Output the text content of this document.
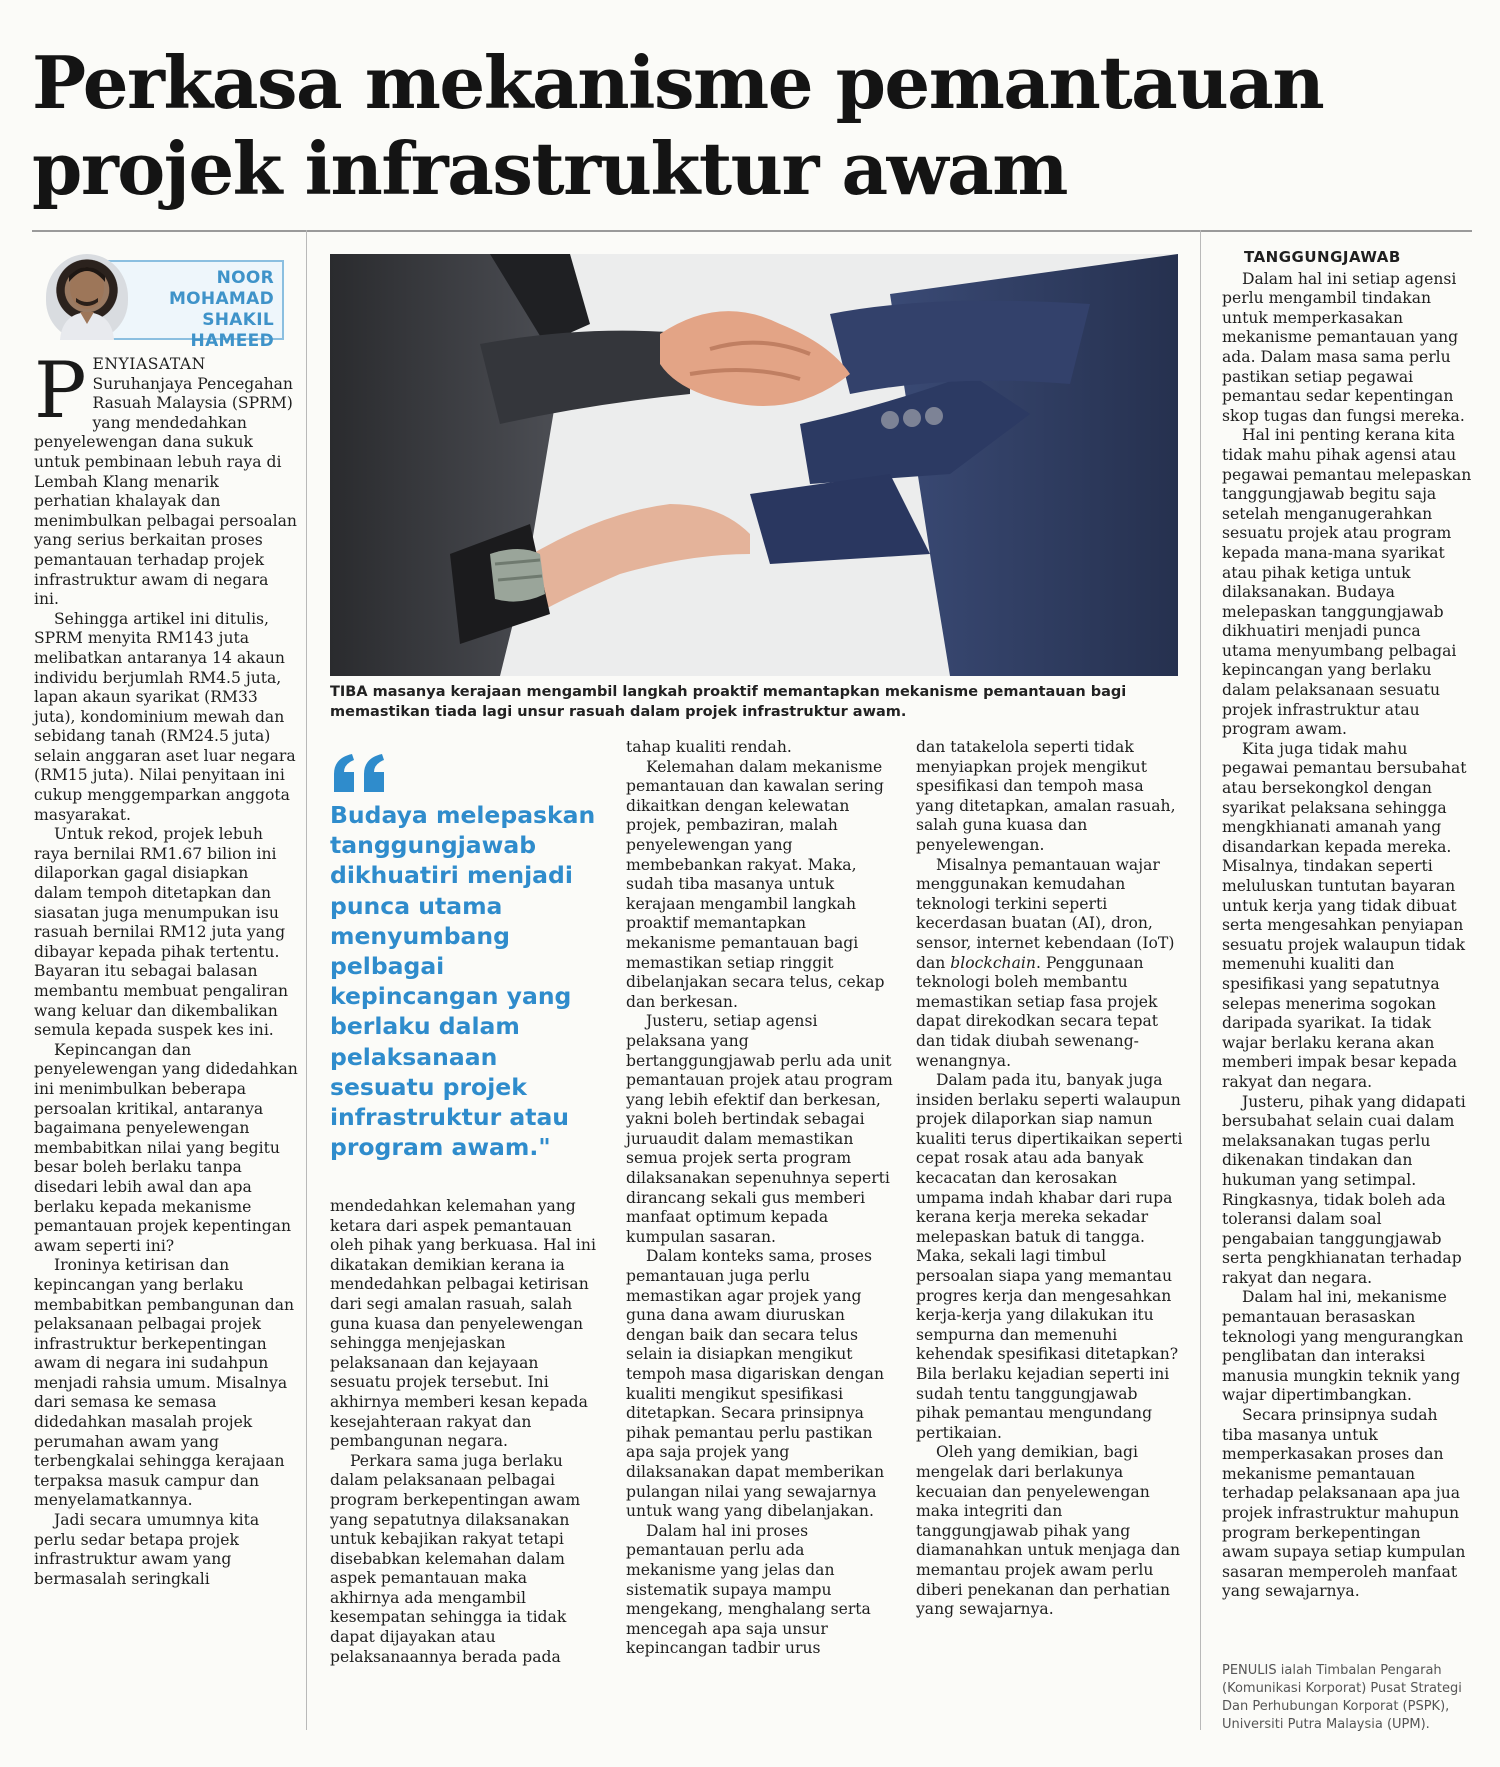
Perkasa mekanisme pemantauan
projek infrastruktur awam
NOOR
MOHAMAD
SHAKIL HAMEED

PENYIASATAN Suruhanjaya Pencegahan Rasuah Malaysia (SPRM) yang mendedahkan penyelewengan dana sukuk untuk pembinaan lebuh raya di Lembah Klang menarik perhatian khalayak dan menimbulkan pelbagai persoalan yang serius berkaitan proses pemantauan terhadap projek infrastruktur awam di negara ini.

Sehingga artikel ini ditulis, SPRM menyita RM143 juta melibatkan antaranya 14 akaun individu berjumlah RM4.5 juta, lapan akaun syarikat (RM33 juta), kondominium mewah dan sebidang tanah (RM24.5 juta) selain anggaran aset luar negara (RM15 juta). Nilai penyitaan ini cukup menggemparkan anggota masyarakat.

Untuk rekod, projek lebuh raya bernilai RM1.67 bilion ini dilaporkan gagal disiapkan dalam tempoh ditetapkan dan siasatan juga menumpukan isu rasuah bernilai RM12 juta yang dibayar kepada pihak tertentu. Bayaran itu sebagai balasan membantu membuat pengaliran wang keluar dan dikembalikan semula kepada suspek kes ini.

Kepincangan dan penyelewengan yang didedahkan ini menimbulkan beberapa persoalan kritikal, antaranya bagaimana penyelewengan membabitkan nilai yang begitu besar boleh berlaku tanpa disedari lebih awal dan apa berlaku kepada mekanisme pemantauan projek kepentingan awam seperti ini?

Ironinya ketirisan dan kepincangan yang berlaku membabitkan pembangunan dan pelaksanaan pelbagai projek infrastruktur berkepentingan awam di negara ini sudahpun menjadi rahsia umum. Misalnya dari semasa ke semasa didedahkan masalah projek perumahan awam yang terbengkalai sehingga kerajaan terpaksa masuk campur dan menyelamatkannya.

Jadi secara umumnya kita perlu sedar betapa projek infrastruktur awam yang bermasalah seringkali

TIBA masanya kerajaan mengambil langkah proaktif memantapkan mekanisme pemantauan bagi memastikan tiada lagi unsur rasuah dalam projek infrastruktur awam.
Budaya melepaskan tanggungjawab dikhuatiri menjadi punca utama menyumbang pelbagai kepincangan yang berlaku dalam pelaksanaan sesuatu projek infrastruktur atau program awam."

mendedahkan kelemahan yang ketara dari aspek pemantauan oleh pihak yang berkuasa. Hal ini dikatakan demikian kerana ia mendedahkan pelbagai ketirisan dari segi amalan rasuah, salah guna kuasa dan penyelewengan sehingga menjejaskan pelaksanaan dan kejayaan sesuatu projek tersebut. Ini akhirnya memberi kesan kepada kesejahteraan rakyat dan pembangunan negara.

Perkara sama juga berlaku dalam pelaksanaan pelbagai program berkepentingan awam yang sepatutnya dilaksanakan untuk kebajikan rakyat tetapi disebabkan kelemahan dalam aspek pemantauan maka akhirnya ada mengambil kesempatan sehingga ia tidak dapat dijayakan atau pelaksanaannya berada pada

tahap kualiti rendah.

Kelemahan dalam mekanisme pemantauan dan kawalan sering dikaitkan dengan kelewatan projek, pembaziran, malah penyelewengan yang membebankan rakyat. Maka, sudah tiba masanya untuk kerajaan mengambil langkah proaktif memantapkan mekanisme pemantauan bagi memastikan setiap ringgit dibelanjakan secara telus, cekap dan berkesan.

Justeru, setiap agensi pelaksana yang bertanggungjawab perlu ada unit pemantauan projek atau program yang lebih efektif dan berkesan, yakni boleh bertindak sebagai juruaudit dalam memastikan semua projek serta program dilaksanakan sepenuhnya seperti dirancang sekali gus memberi manfaat optimum kepada kumpulan sasaran.

Dalam konteks sama, proses pemantauan juga perlu memastikan agar projek yang guna dana awam diuruskan dengan baik dan secara telus selain ia disiapkan mengikut tempoh masa digariskan dengan kualiti mengikut spesifikasi ditetapkan. Secara prinsipnya pihak pemantau perlu pastikan apa saja projek yang dilaksanakan dapat memberikan pulangan nilai yang sewajarnya untuk wang yang dibelanjakan.

Dalam hal ini proses pemantauan perlu ada mekanisme yang jelas dan sistematik supaya mampu mengekang, menghalang serta mencegah apa saja unsur kepincangan tadbir urus

dan tatakelola seperti tidak menyiapkan projek mengikut spesifikasi dan tempoh masa yang ditetapkan, amalan rasuah, salah guna kuasa dan penyelewengan.

Misalnya pemantauan wajar menggunakan kemudahan teknologi terkini seperti kecerdasan buatan (AI), dron, sensor, internet kebendaan (IoT) dan blockchain. Penggunaan teknologi boleh membantu memastikan setiap fasa projek dapat direkodkan secara tepat dan tidak diubah sewenang-wenangnya.

Dalam pada itu, banyak juga insiden berlaku seperti walaupun projek dilaporkan siap namun kualiti terus dipertikaikan seperti cepat rosak atau ada banyak kecacatan dan kerosakan umpama indah khabar dari rupa kerana kerja mereka sekadar melepaskan batuk di tangga. Maka, sekali lagi timbul persoalan siapa yang memantau progres kerja dan mengesahkan kerja-kerja yang dilakukan itu sempurna dan memenuhi kehendak spesifikasi ditetapkan? Bila berlaku kejadian seperti ini sudah tentu tanggungjawab pihak pemantau mengundang pertikaian.

Oleh yang demikian, bagi mengelak dari berlakunya kecuaian dan penyelewengan maka integriti dan tanggungjawab pihak yang diamanahkan untuk menjaga dan memantau projek awam perlu diberi penekanan dan perhatian yang sewajarnya.

TANGGUNGJAWAB

Dalam hal ini setiap agensi perlu mengambil tindakan untuk memperkasakan mekanisme pemantauan yang ada. Dalam masa sama perlu pastikan setiap pegawai pemantau sedar kepentingan skop tugas dan fungsi mereka.

Hal ini penting kerana kita tidak mahu pihak agensi atau pegawai pemantau melepaskan tanggungjawab begitu saja setelah menganugerahkan sesuatu projek atau program kepada mana-mana syarikat atau pihak ketiga untuk dilaksanakan. Budaya melepaskan tanggungjawab dikhuatiri menjadi punca utama menyumbang pelbagai kepincangan yang berlaku dalam pelaksanaan sesuatu projek infrastruktur atau program awam.

Kita juga tidak mahu pegawai pemantau bersubahat atau bersekongkol dengan syarikat pelaksana sehingga mengkhianati amanah yang disandarkan kepada mereka. Misalnya, tindakan seperti meluluskan tuntutan bayaran untuk kerja yang tidak dibuat serta mengesahkan penyiapan sesuatu projek walaupun tidak memenuhi kualiti dan spesifikasi yang sepatutnya selepas menerima sogokan daripada syarikat. Ia tidak wajar berlaku kerana akan memberi impak besar kepada rakyat dan negara.

Justeru, pihak yang didapati bersubahat selain cuai dalam melaksanakan tugas perlu dikenakan tindakan dan hukuman yang setimpal. Ringkasnya, tidak boleh ada toleransi dalam soal pengabaian tanggungjawab serta pengkhianatan terhadap rakyat dan negara.

Dalam hal ini, mekanisme pemantauan berasaskan teknologi yang mengurangkan penglibatan dan interaksi manusia mungkin teknik yang wajar dipertimbangkan.

Secara prinsipnya sudah tiba masanya untuk memperkasakan proses dan mekanisme pemantauan terhadap pelaksanaan apa jua projek infrastruktur mahupun program berkepentingan awam supaya setiap kumpulan sasaran memperoleh manfaat yang sewajarnya.

PENULIS ialah Timbalan Pengarah (Komunikasi Korporat) Pusat Strategi Dan Perhubungan Korporat (PSPK), Universiti Putra Malaysia (UPM).
